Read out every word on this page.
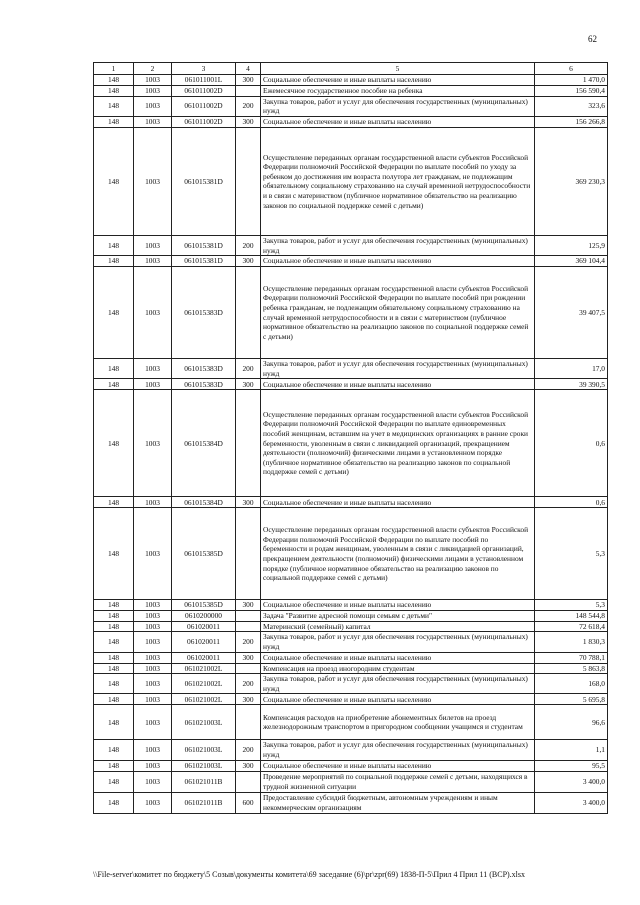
62
1	2	3	4	5	6
148	1003	061011001L	300	Социальное обеспечение и иные выплаты населению	1 470,0
148	1003	061011002D		Ежемесячное государственное пособие на ребенка	156 590,4
148	1003	061011002D	200	Закупка товаров, работ и услуг для обеспечения государственных (муниципальных) нужд	323,6
148	1003	061011002D	300	Социальное обеспечение и иные выплаты населению	156 266,8
148	1003	061015381D		Осуществление переданных органам государственной власти субъектов Российской Федерации полномочий Российской Федерации по выплате пособий по уходу за ребенком до достижения им возраста полутора лет гражданам, не подлежащим обязательному социальному страхованию на случай временной нетрудоспособности и в связи с материнством (публичное нормативное обязательство на реализацию законов по социальной поддержке семей с детьми)	369 230,3
148	1003	061015381D	200	Закупка товаров, работ и услуг для обеспечения государственных (муниципальных) нужд	125,9
148	1003	061015381D	300	Социальное обеспечение и иные выплаты населению	369 104,4
148	1003	061015383D		Осуществление переданных органам государственной власти субъектов Российской Федерации полномочий Российской Федерации по выплате пособий при рождении ребенка гражданам, не подлежащим обязательному социальному страхованию на случай временной нетрудоспособности и в связи с материнством (публичное нормативное обязательство на реализацию законов по социальной поддержке семей с детьми)	39 407,5
148	1003	061015383D	200	Закупка товаров, работ и услуг для обеспечения государственных (муниципальных) нужд	17,0
148	1003	061015383D	300	Социальное обеспечение и иные выплаты населению	39 390,5
148	1003	061015384D		Осуществление переданных органам государственной власти субъектов Российской Федерации полномочий Российской Федерации по выплате единовременных пособий женщинам, вставшим на учет в медицинских организациях в ранние сроки беременности, уволенным в связи с ликвидацией организаций, прекращением деятельности (полномочий) физическими лицами в установленном порядке (публичное нормативное обязательство на реализацию законов по социальной поддержке семей с детьми)	0,6
148	1003	061015384D	300	Социальное обеспечение и иные выплаты населению	0,6
148	1003	061015385D		Осуществление переданных органам государственной власти субъектов Российской Федерации полномочий Российской Федерации по выплате пособий по беременности и родам женщинам, уволенным в связи с ликвидацией организаций, прекращением деятельности (полномочий) физическими лицами в установленном порядке (публичное нормативное обязательство на реализацию законов по социальной поддержке семей с детьми)	5,3
148	1003	061015385D	300	Социальное обеспечение и иные выплаты населению	5,3
148	1003	0610200000		Задача "Развитие адресной помощи семьям с детьми"	148 544,8
148	1003	061020011		Материнский (семейный) капитал	72 618,4
148	1003	061020011	200	Закупка товаров, работ и услуг для обеспечения государственных (муниципальных) нужд	1 830,3
148	1003	061020011	300	Социальное обеспечение и иные выплаты населению	70 788,1
148	1003	061021002L		Компенсация на проезд иногородним студентам	5 863,8
148	1003	061021002L	200	Закупка товаров, работ и услуг для обеспечения государственных (муниципальных) нужд	168,0
148	1003	061021002L	300	Социальное обеспечение и иные выплаты населению	5 695,8
148	1003	061021003L		Компенсация расходов на приобретение абонементных билетов на проезд железнодорожным транспортом в пригородном сообщении учащимся и студентам	96,6
148	1003	061021003L	200	Закупка товаров, работ и услуг для обеспечения государственных (муниципальных) нужд	1,1
148	1003	061021003L	300	Социальное обеспечение и иные выплаты населению	95,5
148	1003	061021011B		Проведение мероприятий по социальной поддержке семей с детьми, находящихся в трудной жизненной ситуации	3 400,0
148	1003	061021011B	600	Предоставление субсидий бюджетным, автономным учреждениям и иным некоммерческим организациям	3 400,0
\\File-server\комитет по бюджету\5 Созыв\документы комитета\69 заседание (6)\pr\zpr(69) 1838-П-5\Прил 4 Прил 11 (ВСР).xlsx
